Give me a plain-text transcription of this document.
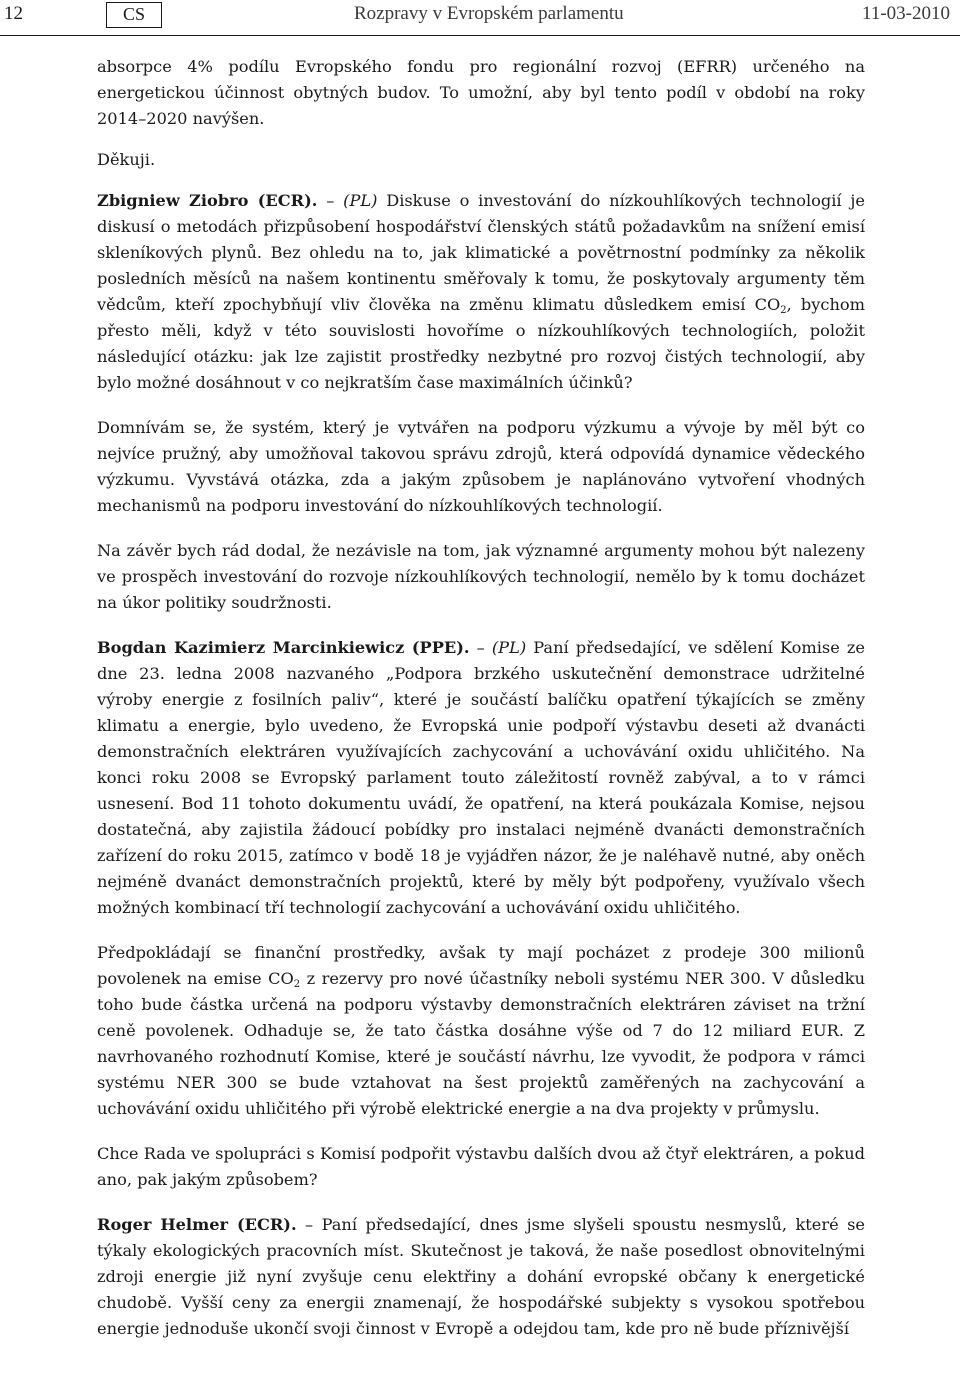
12	CS	Rozpravy v Evropském parlamentu	11-03-2010

absorpce 4% podílu Evropského fondu pro regionální rozvoj (EFRR) určeného na energetickou účinnost obytných budov. To umožní, aby byl tento podíl v období na roky 2014–2020 navýšen.

Děkuji.

Zbigniew Ziobro (ECR). – (PL) Diskuse o investování do nízkouhlíkových technologií je diskusí o metodách přizpůsobení hospodářství členských států požadavkům na snížení emisí skleníkových plynů. Bez ohledu na to, jak klimatické a povětrnostní podmínky za několik posledních měsíců na našem kontinentu směřovaly k tomu, že poskytovaly argumenty těm vědcům, kteří zpochybňují vliv člověka na změnu klimatu důsledkem emisí $CO_2$, bychom přesto měli, když v této souvislosti hovoříme o nízkouhlíkových technologiích, položit následující otázku: jak lze zajistit prostředky nezbytné pro rozvoj čistých technologií, aby bylo možné dosáhnout v co nejkratším čase maximálních účinků?

Domnívám se, že systém, který je vytvářen na podporu výzkumu a vývoje by měl být co nejvíce pružný, aby umožňoval takovou správu zdrojů, která odpovídá dynamice vědeckého výzkumu. Vyvstává otázka, zda a jakým způsobem je naplánováno vytvoření vhodných mechanismů na podporu investování do nízkouhlíkových technologií.

Na závěr bych rád dodal, že nezávisle na tom, jak významné argumenty mohou být nalezeny ve prospěch investování do rozvoje nízkouhlíkových technologií, nemělo by k tomu docházet na úkor politiky soudržnosti.

Bogdan Kazimierz Marcinkiewicz (PPE). – (PL) Paní předsedající, ve sdělení Komise ze dne 23. ledna 2008 nazvaného „Podpora brzkého uskutečnění demonstrace udržitelné výroby energie z fosilních paliv“, které je součástí balíčku opatření týkajících se změny klimatu a energie, bylo uvedeno, že Evropská unie podpoří výstavbu deseti až dvanácti demonstračních elektráren využívajících zachycování a uchovávání oxidu uhličitého. Na konci roku 2008 se Evropský parlament touto záležitostí rovněž zabýval, a to v rámci usnesení. Bod 11 tohoto dokumentu uvádí, že opatření, na která poukázala Komise, nejsou dostatečná, aby zajistila žádoucí pobídky pro instalaci nejméně dvanácti demonstračních zařízení do roku 2015, zatímco v bodě 18 je vyjádřen názor, že je naléhavě nutné, aby oněch nejméně dvanáct demonstračních projektů, které by měly být podpořeny, využívalo všech možných kombinací tří technologií zachycování a uchovávání oxidu uhličitého.

Předpokládají se finanční prostředky, avšak ty mají pocházet z prodeje 300 milionů povolenek na emise $CO_2$ z rezervy pro nové účastníky neboli systému NER 300. V důsledku toho bude částka určená na podporu výstavby demonstračních elektráren záviset na tržní ceně povolenek. Odhaduje se, že tato částka dosáhne výše od 7 do 12 miliard EUR. Z navrhovaného rozhodnutí Komise, které je součástí návrhu, lze vyvodit, že podpora v rámci systému NER 300 se bude vztahovat na šest projektů zaměřených na zachycování a uchovávání oxidu uhličitého při výrobě elektrické energie a na dva projekty v průmyslu.

Chce Rada ve spolupráci s Komisí podpořit výstavbu dalších dvou až čtyř elektráren, a pokud ano, pak jakým způsobem?

Roger Helmer (ECR). – Paní předsedající, dnes jsme slyšeli spoustu nesmyslů, které se týkaly ekologických pracovních míst. Skutečnost je taková, že naše posedlost obnovitelnými zdroji energie již nyní zvyšuje cenu elektřiny a dohání evropské občany k energetické chudobě. Vyšší ceny za energii znamenají, že hospodářské subjekty s vysokou spotřebou energie jednoduše ukončí svoji činnost v Evropě a odejdou tam, kde pro ně bude příznivější
